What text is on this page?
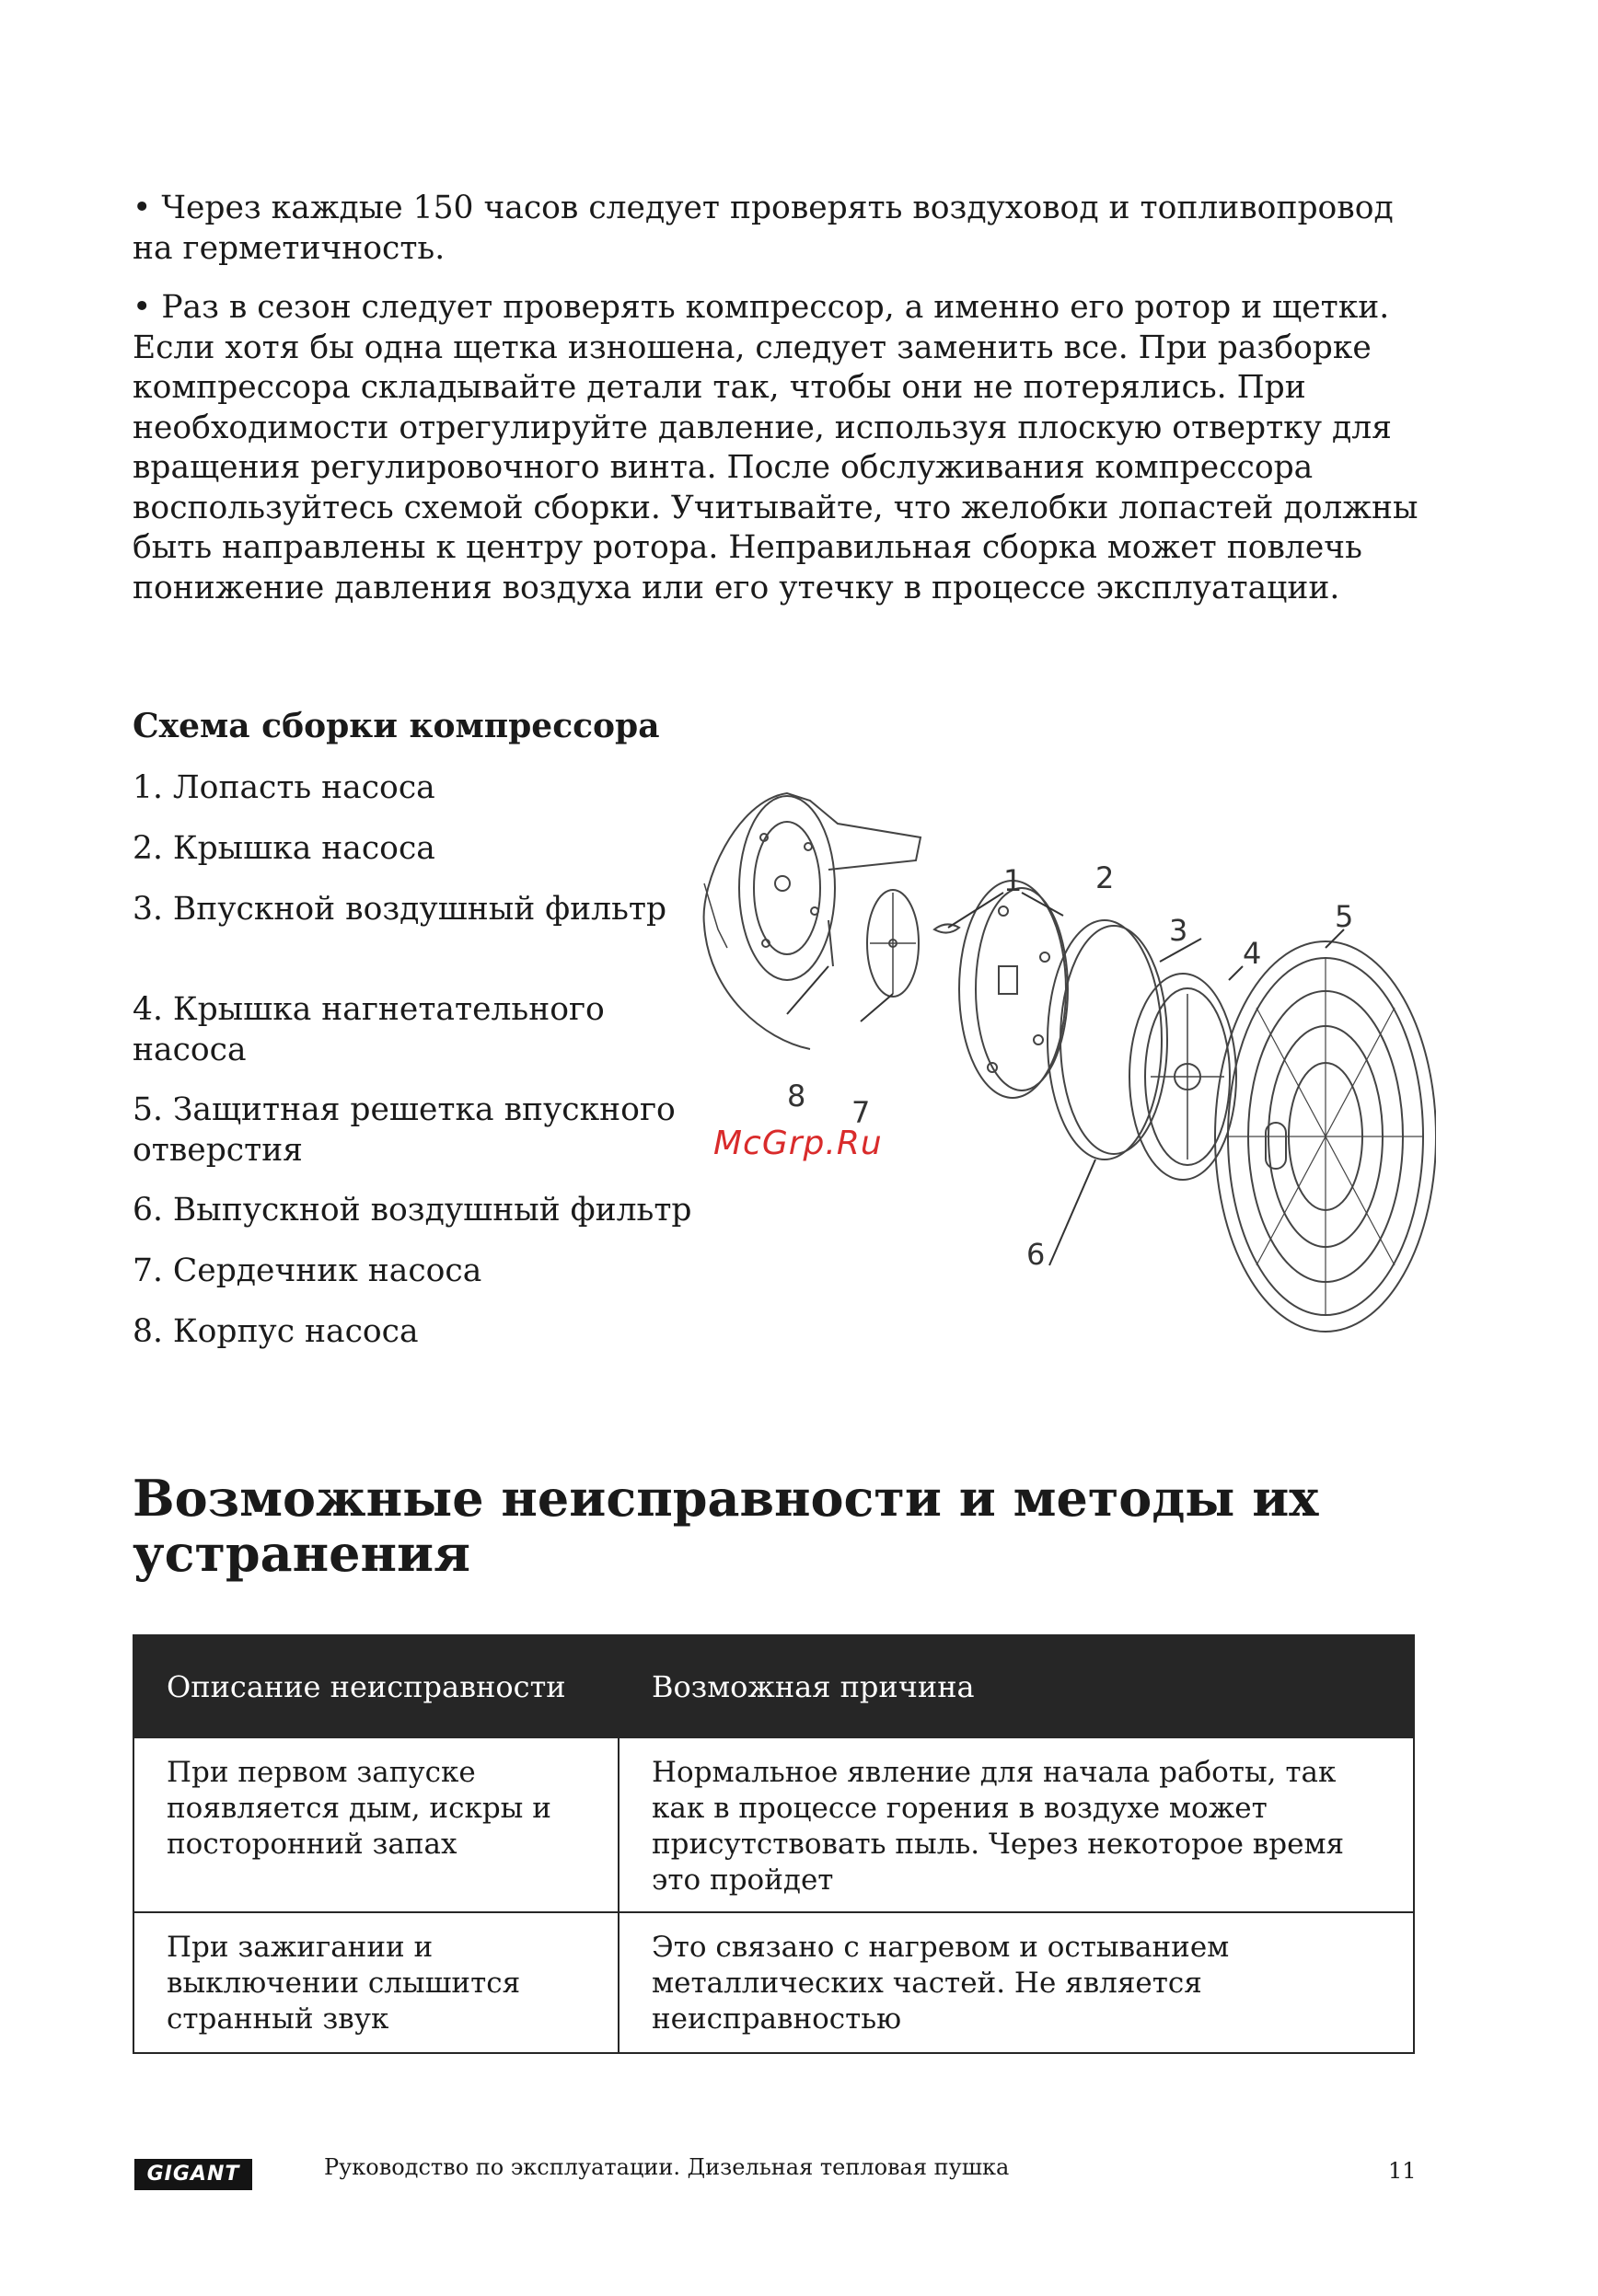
• Через каждые 150 часов следует проверять воздуховод и топливопровод на герметичность.

• Раз в сезон следует проверять компрессор, а именно его ротор и щетки. Если хотя бы одна щетка изношена, следует заменить все. При разборке компрессора складывайте детали так, чтобы они не потерялись. При необходимости отрегулируйте давление, используя плоскую отвертку для вращения регулировочного винта. После обслуживания компрессора воспользуйтесь схемой сборки. Учитывайте, что желобки лопастей должны быть направлены к центру ротора. Неправильная сборка может повлечь понижение давления воздуха или его утечку в процессе эксплуатации.

Схема сборки компрессора
1. Лопасть насоса
2. Крышка насоса
3. Впускной воздушный фильтр
4. Крышка нагнетательного насоса
5. Защитная решетка впускного отверстия
6. Выпускной воздушный фильтр
7. Сердечник насоса
8. Корпус насоса
1 2
3
4
5
6
7
8
McGrp.Ru
Возможные неисправности и методы их устранения
Описание неисправности	Возможная причина
При первом запуске появляется дым, искры и посторонний запах	Нормальное явление для начала работы, так как в процессе горения в воздухе может присутствовать пыль. Через некоторое время это пройдет
При зажигании и выключении слышится странный звук	Это связано с нагревом и остыванием металлических частей. Не является неисправностью
GIGANT	Руководство по эксплуатации. Дизельная тепловая пушка	11
